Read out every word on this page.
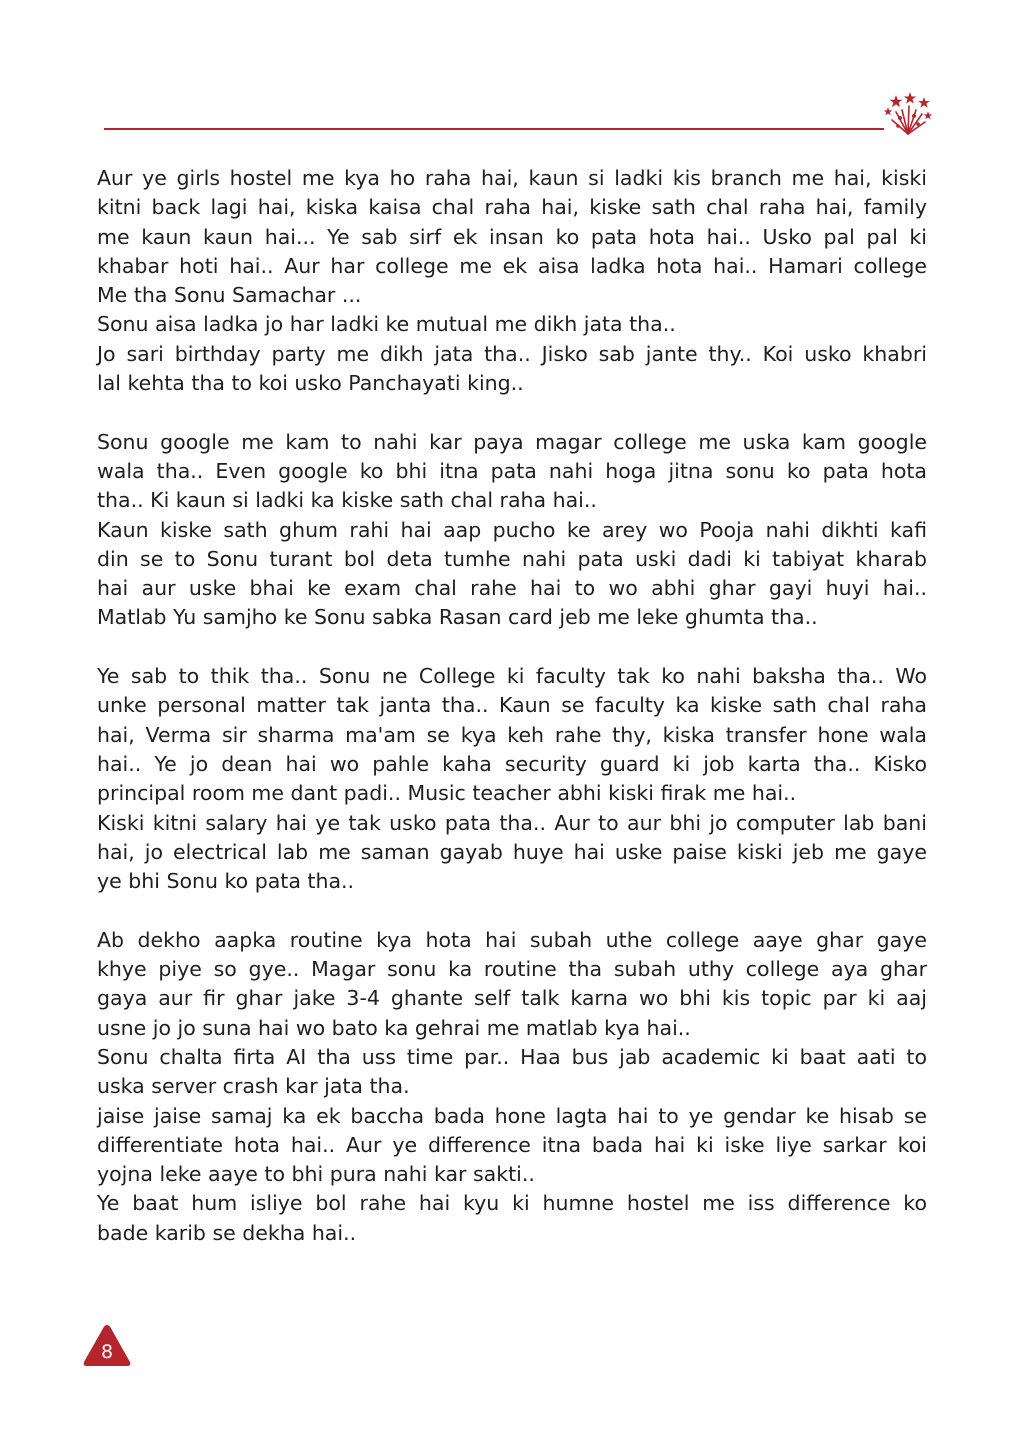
Aur ye girls hostel me kya ho raha hai, kaun si ladki kis branch me hai, kiski
kitni back lagi hai, kiska kaisa chal raha hai, kiske sath chal raha hai, family
me kaun kaun hai... Ye sab sirf ek insan ko pata hota hai.. Usko pal pal ki
khabar hoti hai.. Aur har college me ek aisa ladka hota hai.. Hamari college
Me tha Sonu Samachar ...
Sonu aisa ladka jo har ladki ke mutual me dikh jata tha..
Jo sari birthday party me dikh jata tha.. Jisko sab jante thy.. Koi usko khabri
lal kehta tha to koi usko Panchayati king..

Sonu google me kam to nahi kar paya magar college me uska kam google
wala tha.. Even google ko bhi itna pata nahi hoga jitna sonu ko pata hota
tha.. Ki kaun si ladki ka kiske sath chal raha hai..
Kaun kiske sath ghum rahi hai aap pucho ke arey wo Pooja nahi dikhti kafi
din se to Sonu turant bol deta tumhe nahi pata uski dadi ki tabiyat kharab
hai aur uske bhai ke exam chal rahe hai to wo abhi ghar gayi huyi hai..
Matlab Yu samjho ke Sonu sabka Rasan card jeb me leke ghumta tha..

Ye sab to thik tha.. Sonu ne College ki faculty tak ko nahi baksha tha.. Wo
unke personal matter tak janta tha.. Kaun se faculty ka kiske sath chal raha
hai, Verma sir sharma ma'am se kya keh rahe thy, kiska transfer hone wala
hai.. Ye jo dean hai wo pahle kaha security guard ki job karta tha.. Kisko
principal room me dant padi.. Music teacher abhi kiski firak me hai..
Kiski kitni salary hai ye tak usko pata tha.. Aur to aur bhi jo computer lab bani
hai, jo electrical lab me saman gayab huye hai uske paise kiski jeb me gaye
ye bhi Sonu ko pata tha..

Ab dekho aapka routine kya hota hai subah uthe college aaye ghar gaye
khye piye so gye.. Magar sonu ka routine tha subah uthy college aya ghar
gaya aur fir ghar jake 3-4 ghante self talk karna wo bhi kis topic par ki aaj
usne jo jo suna hai wo bato ka gehrai me matlab kya hai..
Sonu chalta firta AI tha uss time par.. Haa bus jab academic ki baat aati to
uska server crash kar jata tha.
jaise jaise samaj ka ek baccha bada hone lagta hai to ye gendar ke hisab se
differentiate hota hai.. Aur ye difference itna bada hai ki iske liye sarkar koi
yojna leke aaye to bhi pura nahi kar sakti..
Ye baat hum isliye bol rahe hai kyu ki humne hostel me iss difference ko
bade karib se dekha hai..

8
